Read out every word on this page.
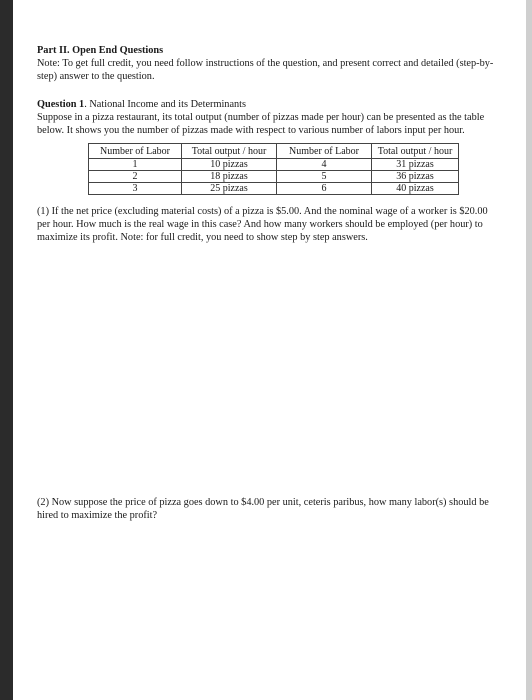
Part II. Open End Questions

Note: To get full credit, you need follow instructions of the question, and present correct and detailed (step-by-step) answer to the question.

Question 1. National Income and its Determinants

Suppose in a pizza restaurant, its total output (number of pizzas made per hour) can be presented as the table below. It shows you the number of pizzas made with respect to various number of labors input per hour.

Number of Labor	Total output / hour	Number of Labor	Total output / hour
1	10 pizzas	4	31 pizzas
2	18 pizzas	5	36 pizzas
3	25 pizzas	6	40 pizzas

(1) If the net price (excluding material costs) of a pizza is $5.00. And the nominal wage of a worker is $20.00 per hour. How much is the real wage in this case? And how many workers should be employed (per hour) to maximize its profit. Note: for full credit, you need to show step by step answers.

(2) Now suppose the price of pizza goes down to $4.00 per unit, ceteris paribus, how many labor(s) should be hired to maximize the profit?
